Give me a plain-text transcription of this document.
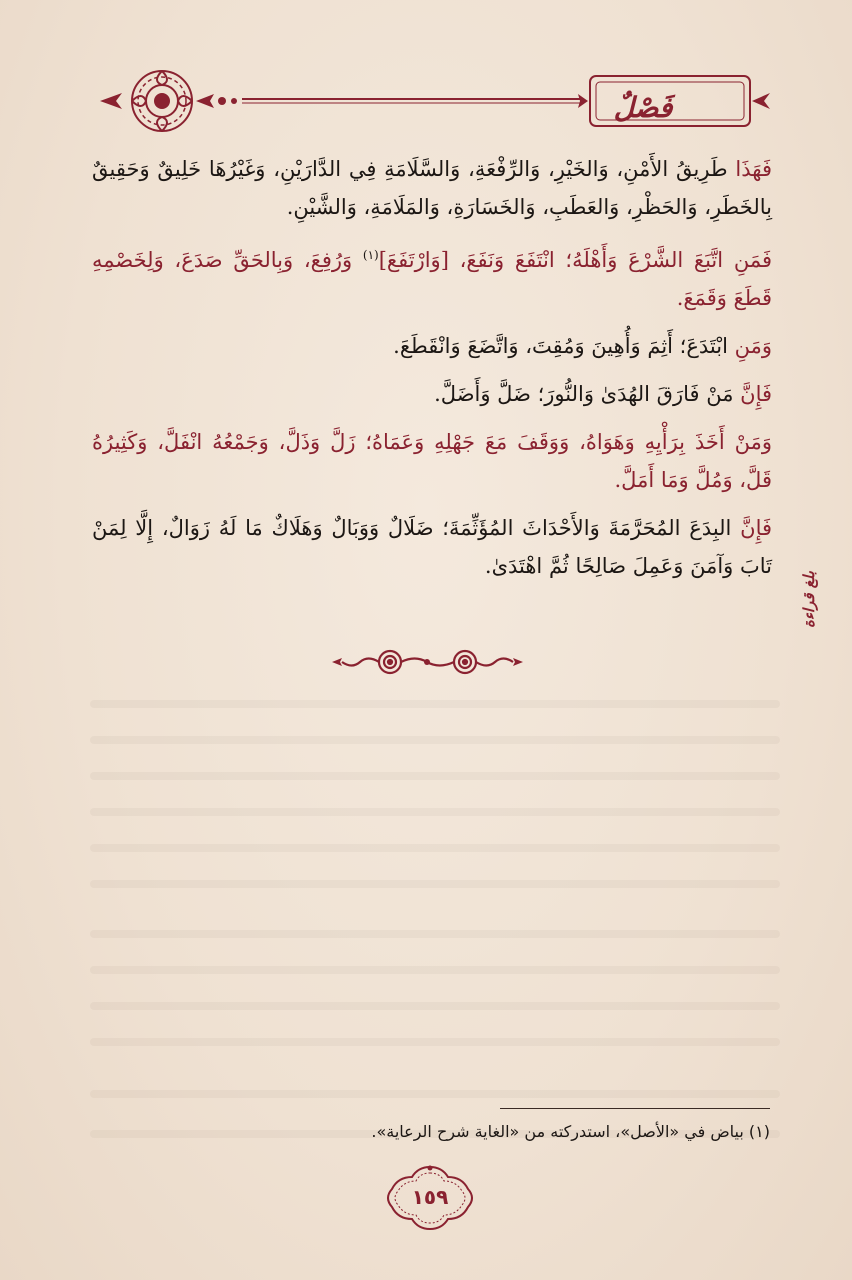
فَصْلٌ

فَهَذَا طَرِيقُ الأَمْنِ، وَالخَيْرِ، وَالرِّفْعَةِ، وَالسَّلَامَةِ فِي الدَّارَيْنِ، وَغَيْرُهَا خَلِيقٌ وَحَقِيقٌ بِالخَطَرِ، وَالحَظْرِ، وَالعَطَبِ، وَالخَسَارَةِ، وَالمَلَامَةِ، وَالشَّيْنِ.

فَمَنِ اتَّبَعَ الشَّرْعَ وَأَهْلَهُ؛ انْتَفَعَ وَنَفَعَ، [وَارْتَفَعَ]$^{(١)}$ وَرُفِعَ، وَبِالحَقِّ صَدَعَ، وَلِخَصْمِهِ قَطَعَ وَقَمَعَ.

وَمَنِ ابْتَدَعَ؛ أَثِمَ وَأُهِينَ وَمُقِتَ، وَاتَّضَعَ وَانْقَطَعَ.

فَإِنَّ مَنْ فَارَقَ الهُدَىٰ وَالنُّورَ؛ ضَلَّ وَأَضَلَّ.

وَمَنْ أَخَذَ بِرَأْيِهِ وَهَوَاهُ، وَوَقَفَ مَعَ جَهْلِهِ وَعَمَاهُ؛ زَلَّ وَذَلَّ، وَجَمْعُهُ انْفَلَّ، وَكَثِيرُهُ قَلَّ، وَمُلَّ وَمَا أَمَلَّ.

فَإِنَّ البِدَعَ المُحَرَّمَةَ وَالأَحْدَاثَ المُؤَثِّمَةَ؛ ضَلَالٌ وَوَبَالٌ وَهَلَاكٌ مَا لَهُ زَوَالٌ، إِلَّا لِمَنْ تَابَ وَآمَنَ وَعَمِلَ صَالِحًا ثُمَّ اهْتَدَىٰ.

بلغ قراءة
(١) بياض في «الأصل»، استدركته من «الغاية شرح الرعاية».
١٥٩
